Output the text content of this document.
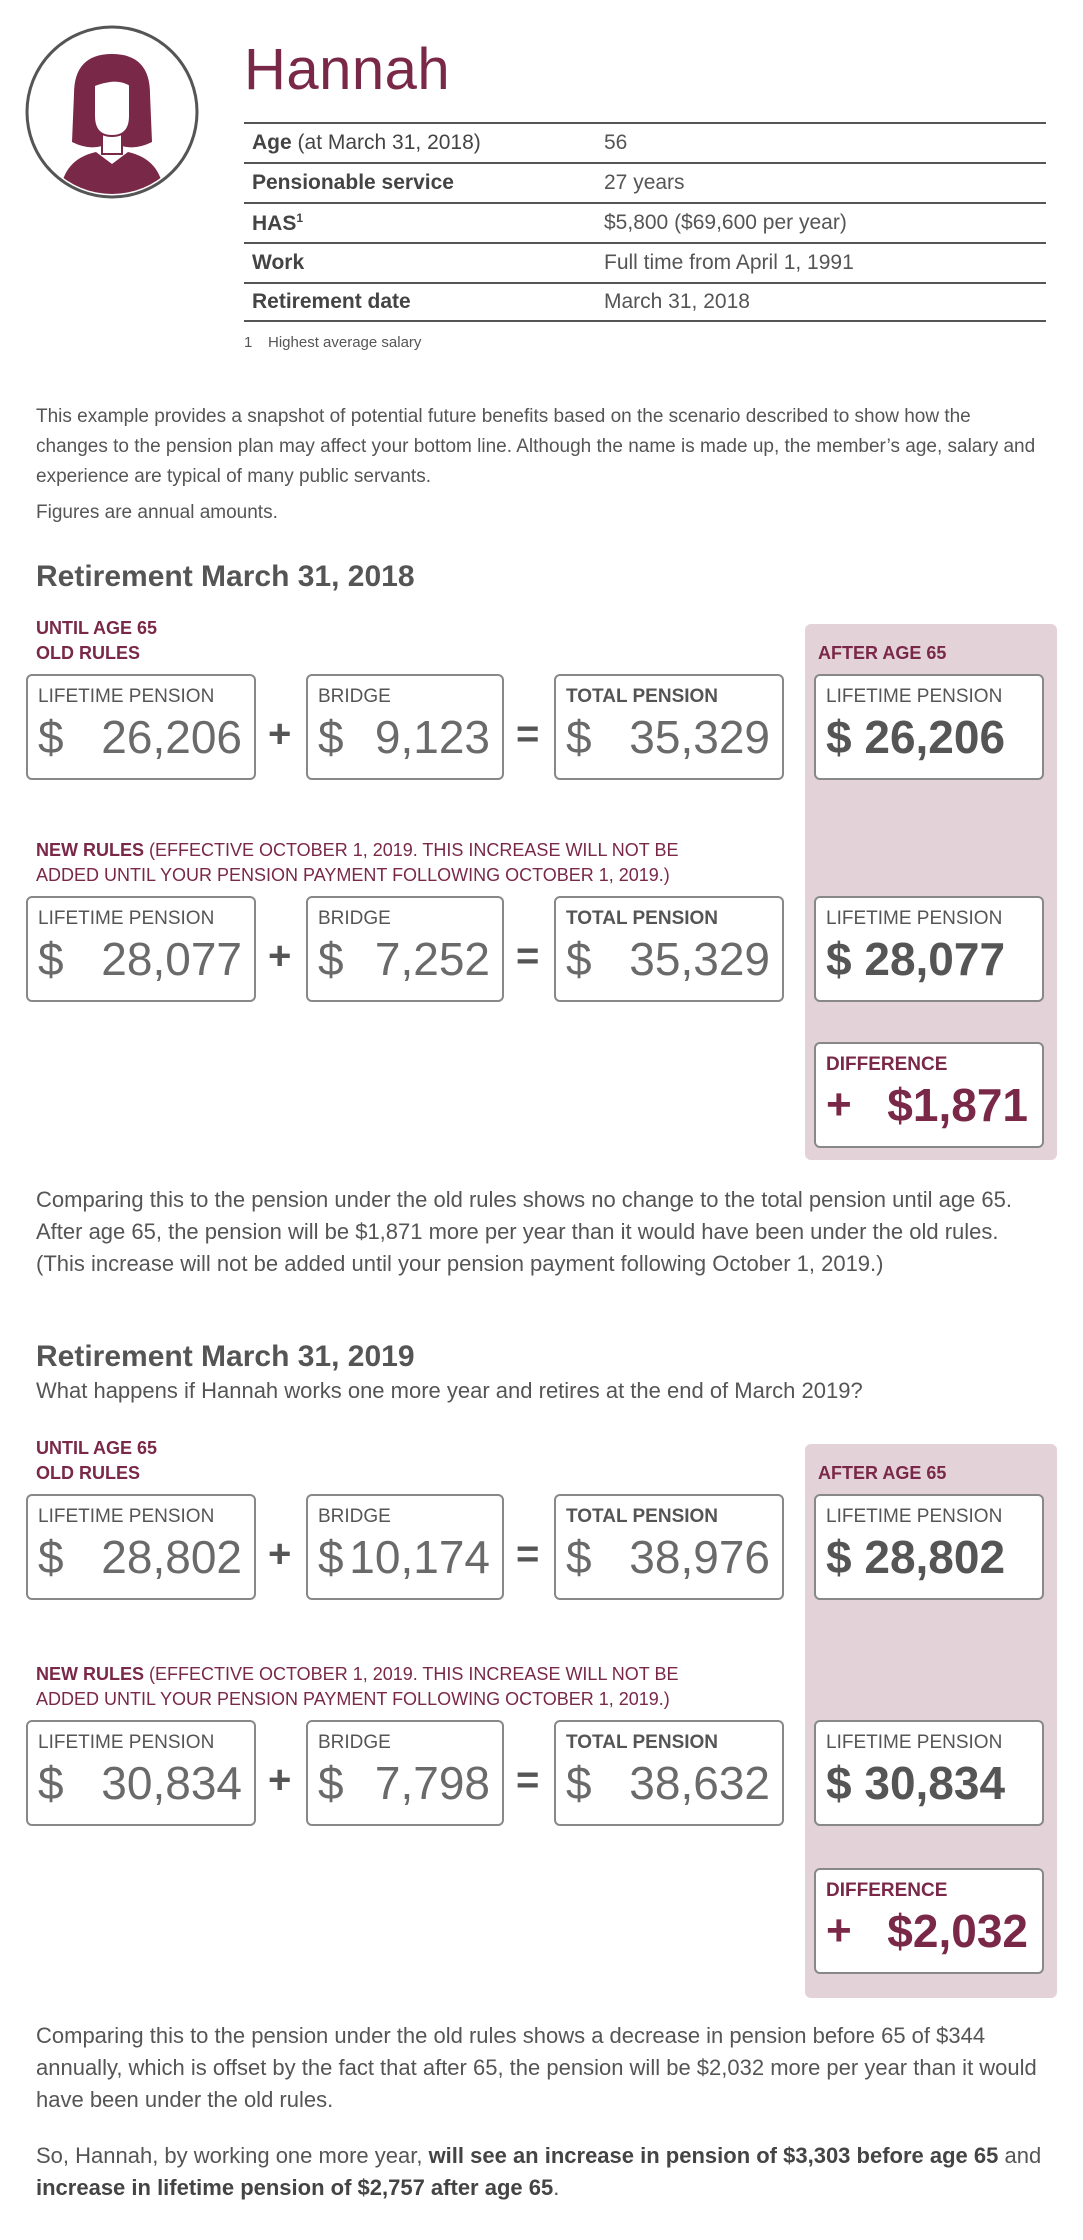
Hannah
Age (at March 31, 2018)	56
Pensionable service	27 years
HAS$^1$	$5,800 ($69,600 per year)
Work	Full time from April 1, 1991
Retirement date	March 31, 2018
1 Highest average salary
This example provides a snapshot of potential future benefits based on the scenario described to show how the changes to the pension plan may affect your bottom line. Although the name is made up, the member’s age, salary and experience are typical of many public servants.
Figures are annual amounts.
Retirement March 31, 2018
AFTER AGE 65
UNTIL AGE 65
OLD RULES
LIFETIME PENSION
$ 26,206 +
BRIDGE
$ 9,123 =
TOTAL PENSION
$ 35,329
LIFETIME PENSION
$ 26,206
NEW RULES (EFFECTIVE OCTOBER 1, 2019. THIS INCREASE WILL NOT BE
ADDED UNTIL YOUR PENSION PAYMENT FOLLOWING OCTOBER 1, 2019.)
LIFETIME PENSION
$ 28,077 +
BRIDGE
$ 7,252 =
TOTAL PENSION
$ 35,329
LIFETIME PENSION
$ 28,077
DIFFERENCE
+ $1,871
Comparing this to the pension under the old rules shows no change to the total pension until age 65. After age 65, the pension will be $1,871 more per year than it would have been under the old rules. (This increase will not be added until your pension payment following October 1, 2019.)
Retirement March 31, 2019
What happens if Hannah works one more year and retires at the end of March 2019?
AFTER AGE 65
UNTIL AGE 65
OLD RULES
LIFETIME PENSION
$ 28,802 +
BRIDGE
$ 10,174 =
TOTAL PENSION
$ 38,976
LIFETIME PENSION
$ 28,802
NEW RULES (EFFECTIVE OCTOBER 1, 2019. THIS INCREASE WILL NOT BE
ADDED UNTIL YOUR PENSION PAYMENT FOLLOWING OCTOBER 1, 2019.)
LIFETIME PENSION
$ 30,834 +
BRIDGE
$ 7,798 =
TOTAL PENSION
$ 38,632
LIFETIME PENSION
$ 30,834
DIFFERENCE
+ $2,032
Comparing this to the pension under the old rules shows a decrease in pension before 65 of $344 annually, which is offset by the fact that after 65, the pension will be $2,032 more per year than it would have been under the old rules.
So, Hannah, by working one more year, will see an increase in pension of $3,303 before age 65 and increase in lifetime pension of $2,757 after age 65.
